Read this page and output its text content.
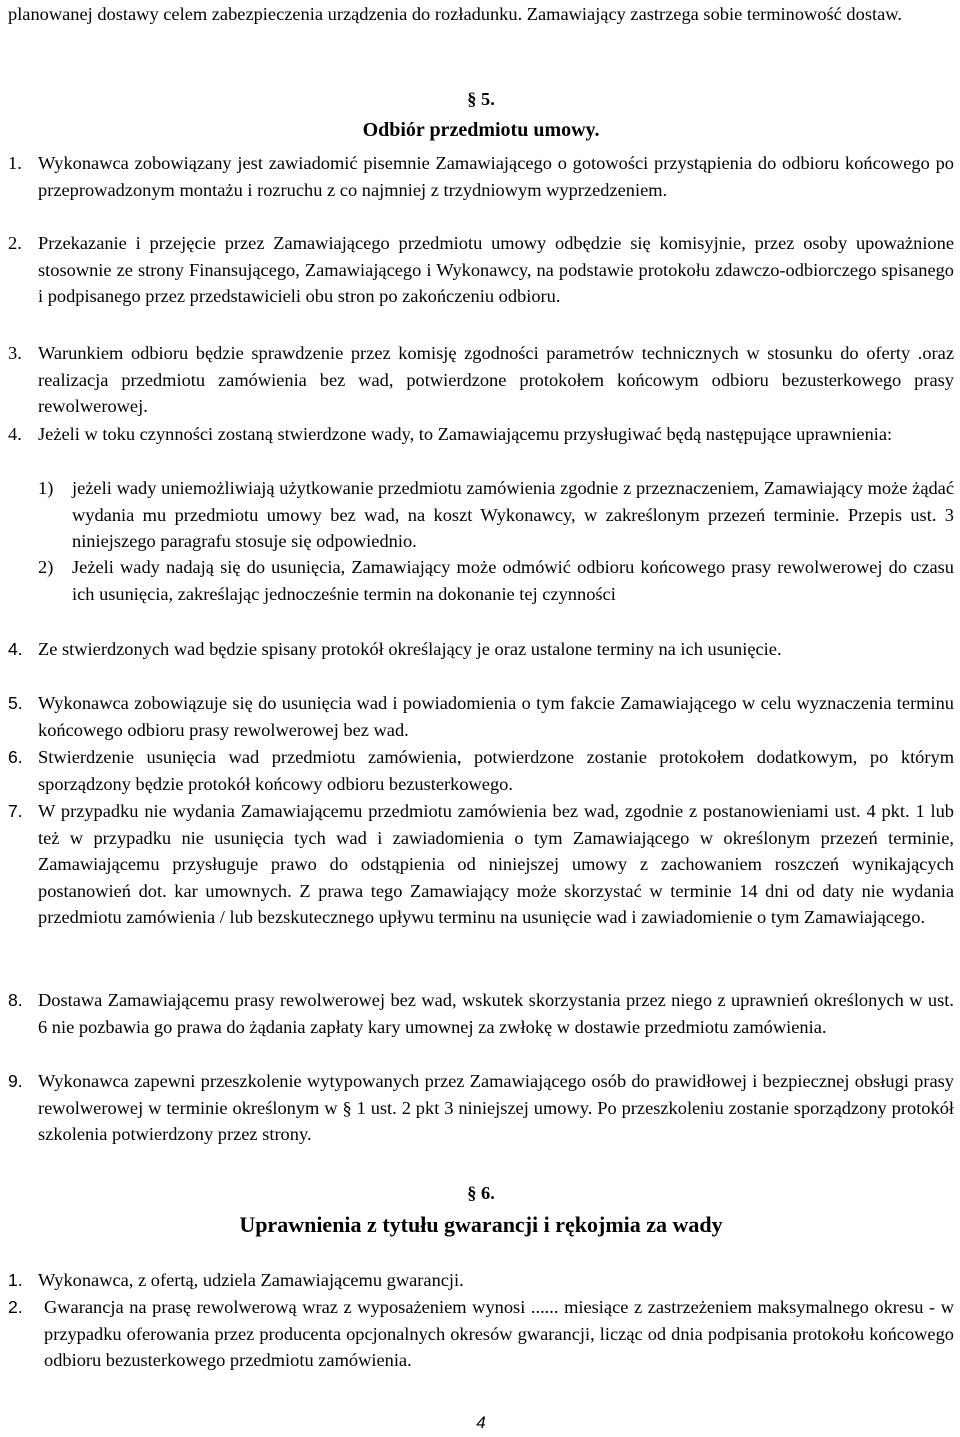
planowanej dostawy celem zabezpieczenia urządzenia do rozładunku. Zamawiający zastrzega sobie terminowość dostaw.
§ 5.
Odbiór przedmiotu umowy.
1. Wykonawca zobowiązany jest zawiadomić pisemnie Zamawiającego o gotowości przystąpienia do odbioru końcowego po przeprowadzonym montażu i rozruchu z co najmniej z trzydniowym wyprzedzeniem.
2. Przekazanie i przejęcie przez Zamawiającego przedmiotu umowy odbędzie się komisyjnie, przez osoby upoważnione stosownie ze strony Finansującego, Zamawiającego i Wykonawcy, na podstawie protokołu zdawczo-odbiorczego spisanego i podpisanego przez przedstawicieli obu stron po zakończeniu odbioru.
3. Warunkiem odbioru będzie sprawdzenie przez komisję zgodności parametrów technicznych w stosunku do oferty .oraz realizacja przedmiotu zamówienia bez wad, potwierdzone protokołem końcowym odbioru bezusterkowego prasy rewolwerowej.
4. Jeżeli w toku czynności zostaną stwierdzone wady, to Zamawiającemu przysługiwać będą następujące uprawnienia:
1) jeżeli wady uniemożliwiają użytkowanie przedmiotu zamówienia zgodnie z przeznaczeniem, Zamawiający może żądać wydania mu przedmiotu umowy bez wad, na koszt Wykonawcy, w zakreślonym przezeń terminie. Przepis ust. 3 niniejszego paragrafu stosuje się odpowiednio.
2) Jeżeli wady nadają się do usunięcia, Zamawiający może odmówić odbioru końcowego prasy rewolwerowej do czasu ich usunięcia, zakreślając jednocześnie termin na dokonanie tej czynności
4. Ze stwierdzonych wad będzie spisany protokół określający je oraz ustalone terminy na ich usunięcie.
5. Wykonawca zobowiązuje się do usunięcia wad i powiadomienia o tym fakcie Zamawiającego w celu wyznaczenia terminu końcowego odbioru prasy rewolwerowej bez wad.
6. Stwierdzenie usunięcia wad przedmiotu zamówienia, potwierdzone zostanie protokołem dodatkowym, po którym sporządzony będzie protokół końcowy odbioru bezusterkowego.
7. W przypadku nie wydania Zamawiającemu przedmiotu zamówienia bez wad, zgodnie z postanowieniami ust. 4 pkt. 1 lub też w przypadku nie usunięcia tych wad i zawiadomienia o tym Zamawiającego w określonym przezeń terminie, Zamawiającemu przysługuje prawo do odstąpienia od niniejszej umowy z zachowaniem roszczeń wynikających postanowień dot. kar umownych. Z prawa tego Zamawiający może skorzystać w terminie 14 dni od daty nie wydania przedmiotu zamówienia / lub bezskutecznego upływu terminu na usunięcie wad i zawiadomienie o tym Zamawiającego.
8. Dostawa Zamawiającemu prasy rewolwerowej bez wad, wskutek skorzystania przez niego z uprawnień określonych w ust. 6 nie pozbawia go prawa do żądania zapłaty kary umownej za zwłokę w dostawie przedmiotu zamówienia.
9. Wykonawca zapewni przeszkolenie wytypowanych przez Zamawiającego osób do prawidłowej i bezpiecznej obsługi prasy rewolwerowej w terminie określonym w § 1 ust. 2 pkt 3 niniejszej umowy. Po przeszkoleniu zostanie sporządzony protokół szkolenia potwierdzony przez strony.
§ 6.
Uprawnienia z tytułu gwarancji i rękojmia za wady
1. Wykonawca, z ofertą, udziela Zamawiającemu gwarancji.
2. Gwarancja na prasę rewolwerową wraz z wyposażeniem wynosi ...... miesiące z zastrzeżeniem maksymalnego okresu - w przypadku oferowania przez producenta opcjonalnych okresów gwarancji, licząc od dnia podpisania protokołu końcowego odbioru bezusterkowego przedmiotu zamówienia.
4
